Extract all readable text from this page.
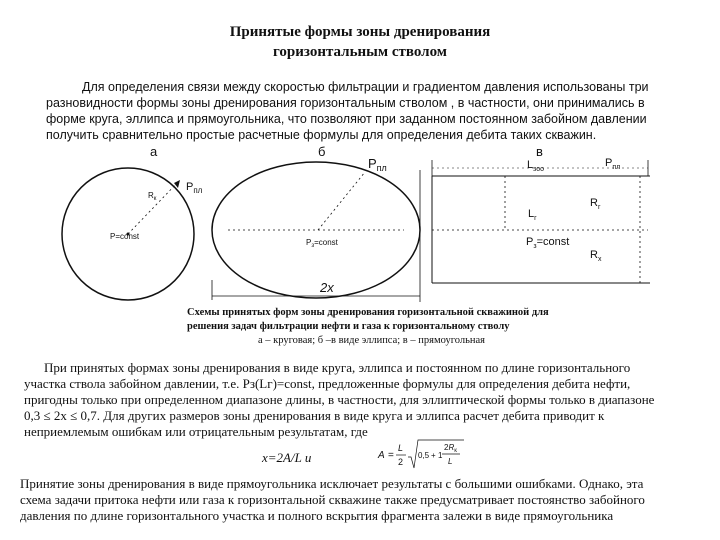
Принятые формы зоны дренирования
горизонтальным стволом
Для определения связи между скоростью фильтрации и градиентом давления использованы три
разновидности формы зоны дренирования горизонтальным стволом , в частности, они принимались в
форме круга, эллипса и прямоугольника, что позволяют при заданном постоянном забойном давлении
получить сравнительно простые расчетные формулы для определения дебита таких скважин.
а	б	в
$R_к$
$P_{пл}$
P=const
$P_{пл}$
$P_з=const$
2x
$L_{зоо}$
$P_{пл}$
$L_г$
$R_г$
$P_з=const$
$R_х$
Схемы принятых форм зоны дренирования горизонтальной скважиной для
решения задач фильтрации нефти и газа к горизонтальному стволу
а – круговая; б –в виде эллипса; в – прямоугольная
При принятых формах зоны дренирования в виде круга, эллипса и постоянном по длине горизонтального
участка ствола забойном давлении, т.е. Pз(Lг)=const, предложенные формулы для определения дебита нефти,
пригодны только при определенном диапазоне длины, в частности, для эллиптической формы только в диапазоне
0,3 ≤ 2x ≤ 0,7. Для других размеров зоны дренирования в виде круга и эллипса расчет дебита приводит к
неприемлемым ошибкам или отрицательным результатам, где
x=2A/L и	A =
L
2
0,5 + 1
$2R_к$
L
Принятие зоны дренирования в виде прямоугольника исключает результаты с большими ошибками. Однако, эта
схема задачи притока нефти или газа к горизонтальной скважине также предусматривает постоянство забойного
давления по длине горизонтального участка и полного вскрытия фрагмента залежи в виде прямоугольника
